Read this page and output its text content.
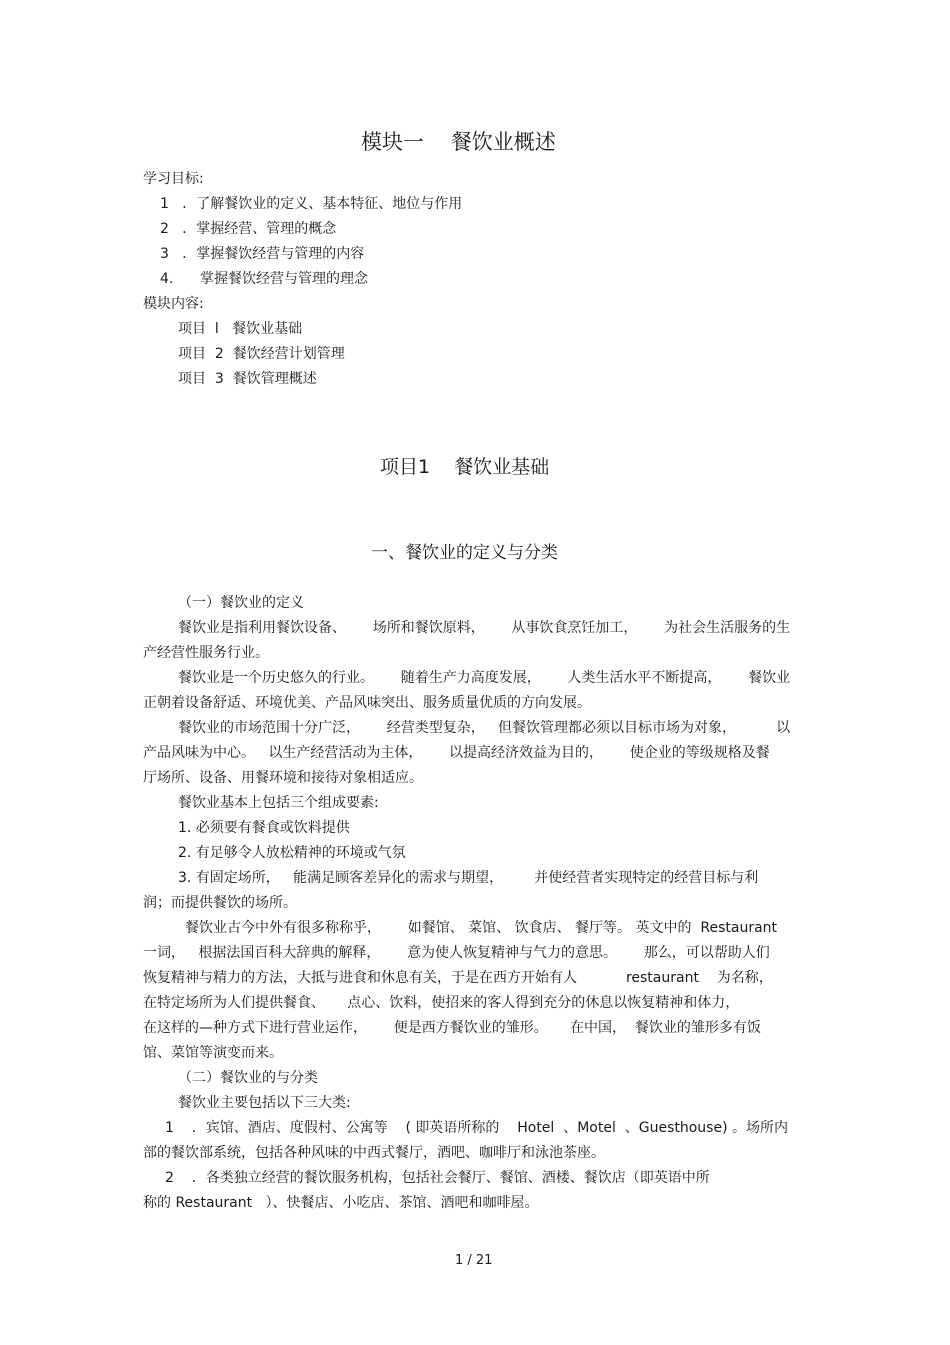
模块一    餐饮业概述
学习目标:
1   ．了解餐饮业的定义、基本特征、地位与作用
2   ．掌握经营、管理的概念
3   ．掌握餐饮经营与管理的内容
4.      掌握餐饮经营与管理的理念
模块内容:
项目  l   餐饮业基础
项目  2  餐饮经营计划管理
项目  3  餐饮管理概述
项目1    餐饮业基础
一、餐饮业的定义与分类
（一）餐饮业的定义
餐饮业是指利用餐饮设备、      场所和餐饮原料，      从事饮食烹饪加工，      为社会生活服务的生
产经营性服务行业。
餐饮业是一个历史悠久的行业。      随着生产力高度发展，      人类生活水平不断提高，      餐饮业
正朝着设备舒适、环境优美、产品风味突出、服务质量优质的方向发展。
餐饮业的市场范围十分广泛，      经营类型复杂，   但餐饮管理都必须以目标市场为对象，         以
产品风味为中心。   以生产经营活动为主体，      以提高经济效益为目的，      使企业的等级规格及餐
厅场所、设备、用餐环境和接待对象相适应。
餐饮业基本上包括三个组成要素:
1. 必须要有餐食或饮料提供
2. 有足够令人放松精神的环境或气氛
3. 有固定场所，   能满足顾客差异化的需求与期望，       并使经营者实现特定的经营目标与利
润；而提供餐饮的场所。
餐饮业古今中外有很多称称乎，      如餐馆、 菜馆、 饮食店、 餐厅等。 英文中的  Restaurant
一词，   根据法国百科大辞典的解释，      意为使人恢复精神与气力的意思。      那么，可以帮助人们
恢复精神与精力的方法，大抵与进食和休息有关，于是在西方开始有人           restaurant    为名称，
在特定场所为人们提供餐食、     点心、饮料，使招来的客人得到充分的休息以恢复精神和体力，
在这样的—种方式下进行营业运作，      便是西方餐饮业的雏形。     在中国，  餐饮业的雏形多有饭
馆、菜馆等演变而来。
（二）餐饮业的与分类
餐饮业主要包括以下三大类:
1    ．宾馆、酒店、度假村、公寓等    ( 即英语所称的    Hotel  、Motel  、Guesthouse) 。场所内
部的餐饮部系统，包括各种风味的中西式餐厅，酒吧、咖啡厅和泳池茶座。
2    ．各类独立经营的餐饮服务机构，包括社会餐厅、餐馆、酒楼、餐饮店（即英语中所
称的 Restaurant   ）、快餐店、小吃店、茶馆、酒吧和咖啡屋。
1 / 21
